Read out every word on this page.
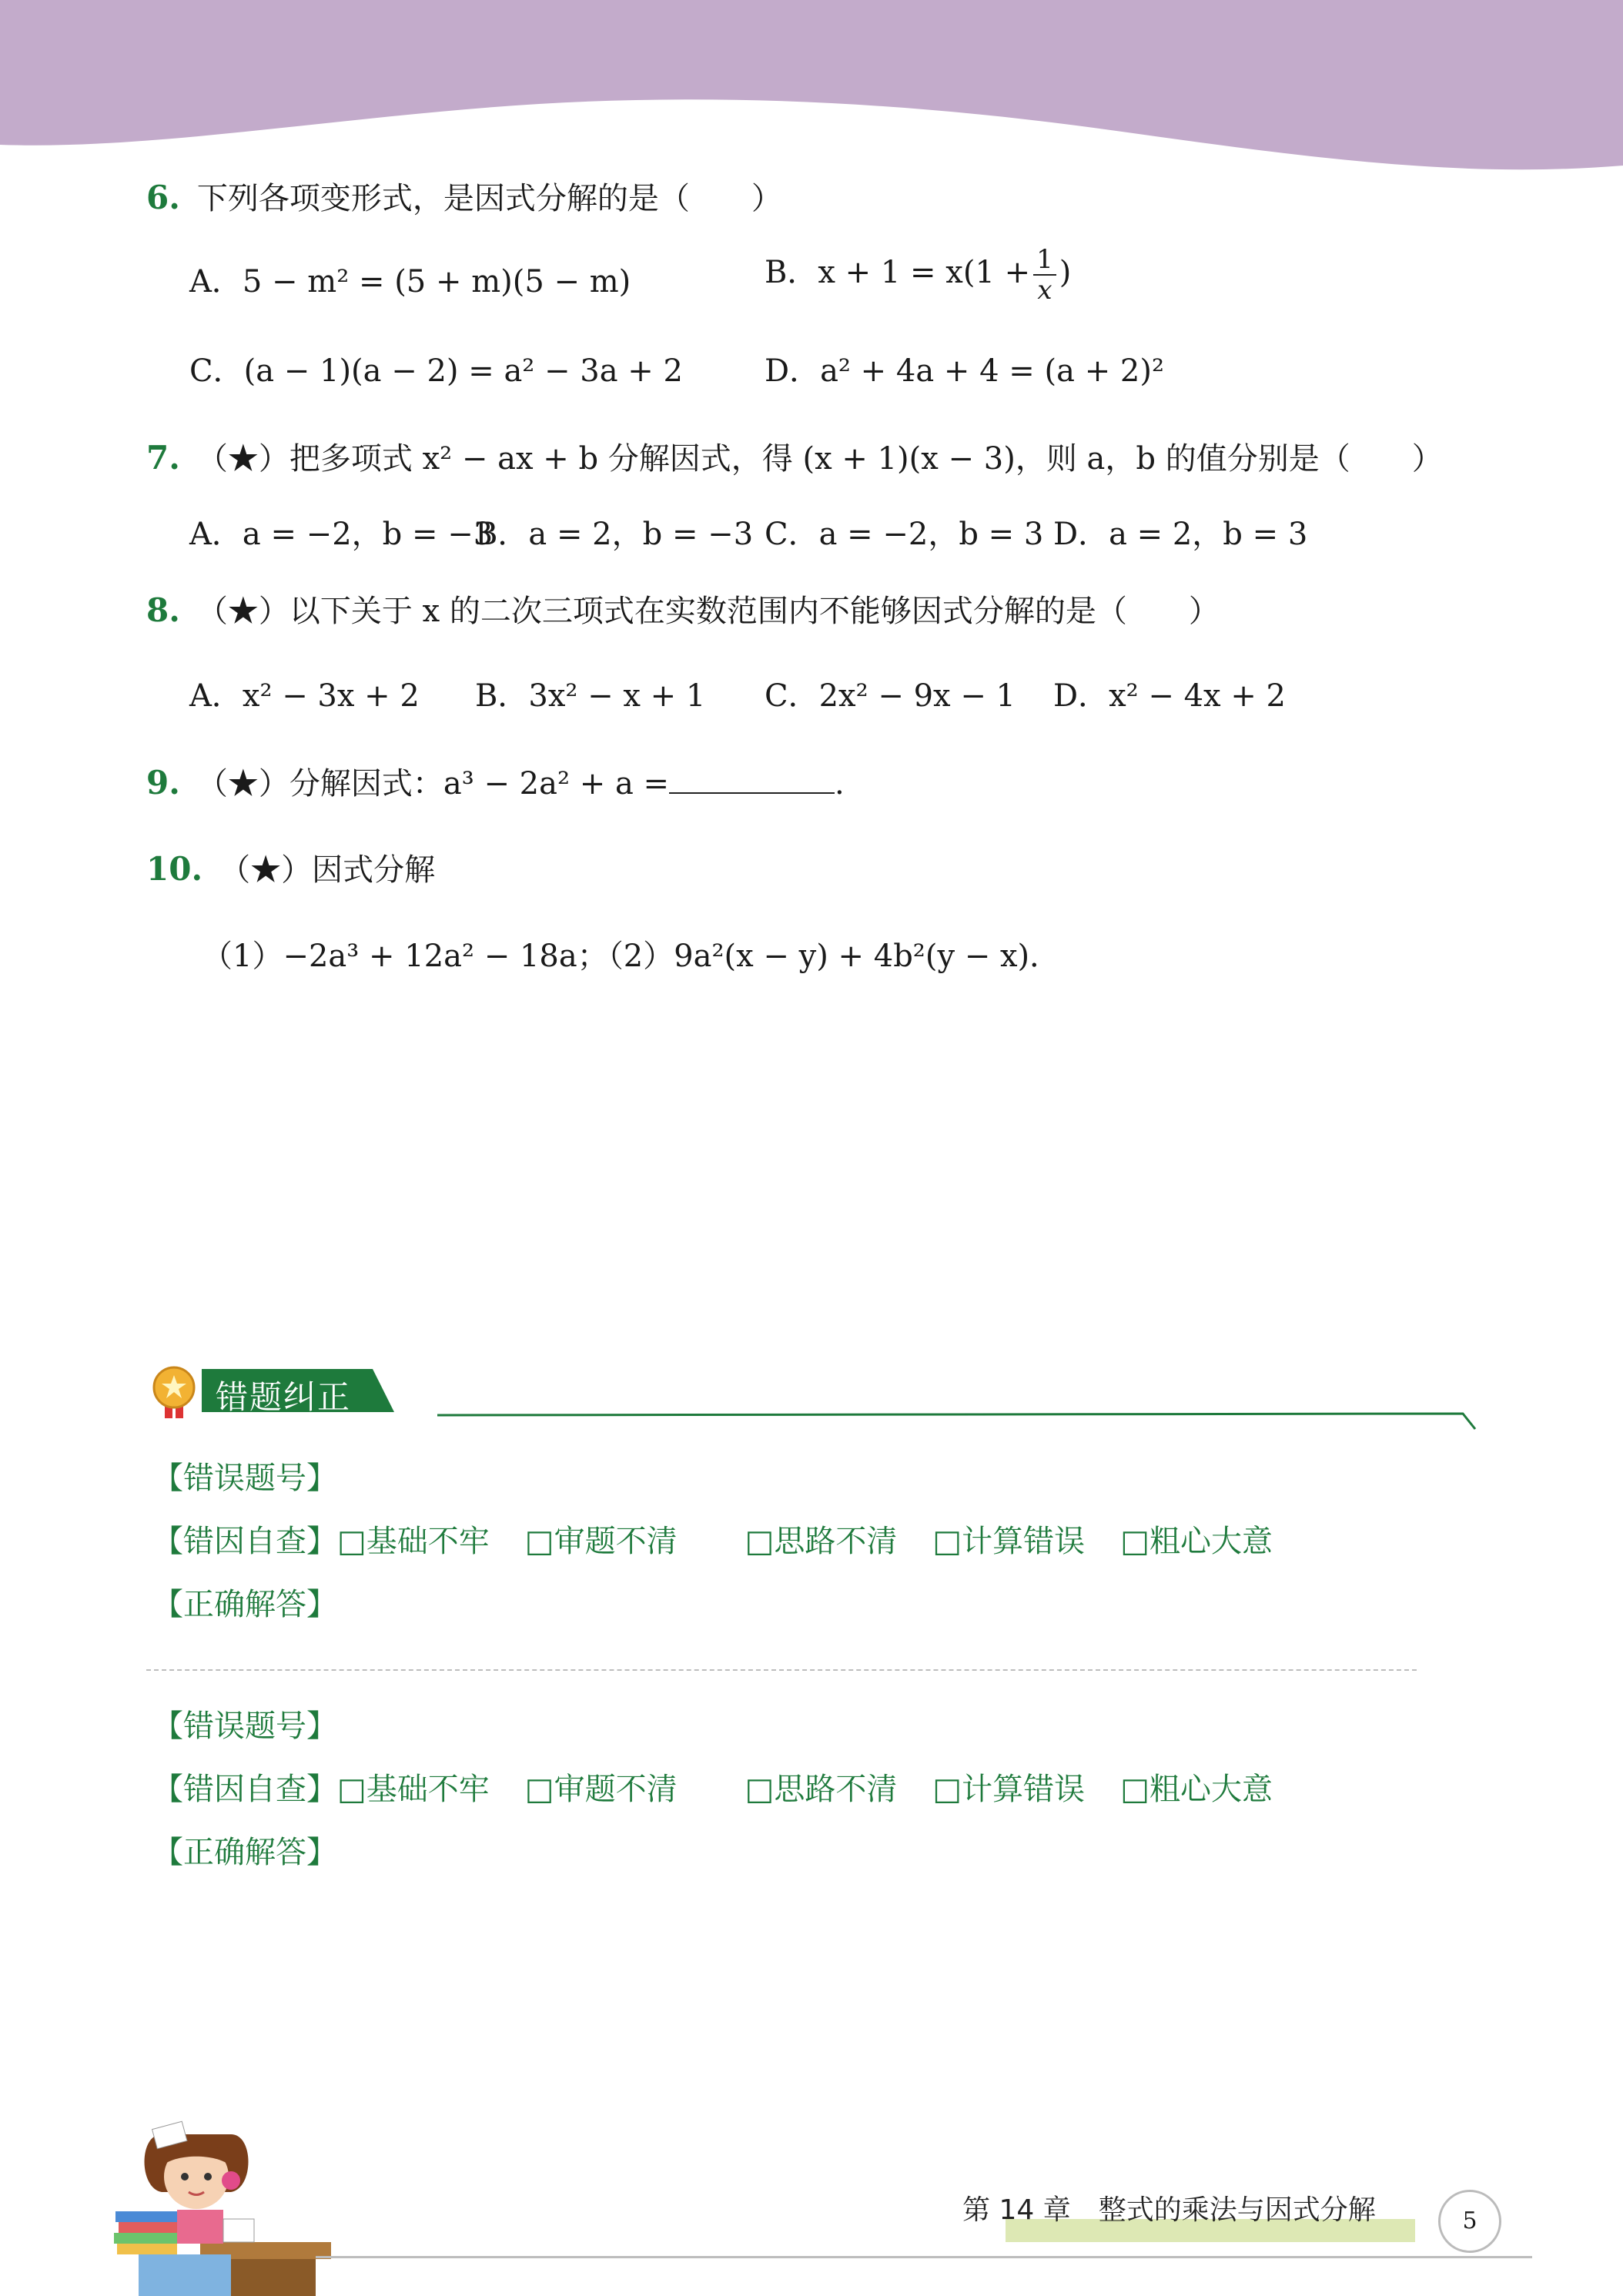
6. 下列各项变形式，是因式分解的是（　　）
A．5 − m² = (5 + m)(5 − m)	B．$x + 1 = x(1 + \frac{1}{x}$ )
C．(a − 1)(a − 2) = a² − 3a + 2	D．a² + 4a + 4 = (a + 2)²
7. （★）把多项式 x² − ax + b 分解因式，得 (x + 1)(x − 3)，则 a，b 的值分别是（　　）
A．a = −2，b = −3
B．a = 2，b = −3 C．a = −2，b = 3 D．a = 2，b = 3
8. （★）以下关于 x 的二次三项式在实数范围内不能够因式分解的是（　　）
A．x² − 3x + 2 B．3x² − x + 1 C．2x² − 9x − 1 D．x² − 4x + 2
9. （★）分解因式：a³ − 2a² + a =	.
10. （★）因式分解
（1）−2a³ + 12a² − 18a；（2）9a²(x − y) + 4b²(y − x)．
错题纠正
【错误题号】
【错因自查】□基础不牢 □审题不清 □思路不清 □计算错误 □粗心大意
【正确解答】
【错误题号】
【错因自查】□基础不牢 □审题不清 □思路不清 □计算错误 □粗心大意
【正确解答】
第 14 章　整式的乘法与因式分解	5
